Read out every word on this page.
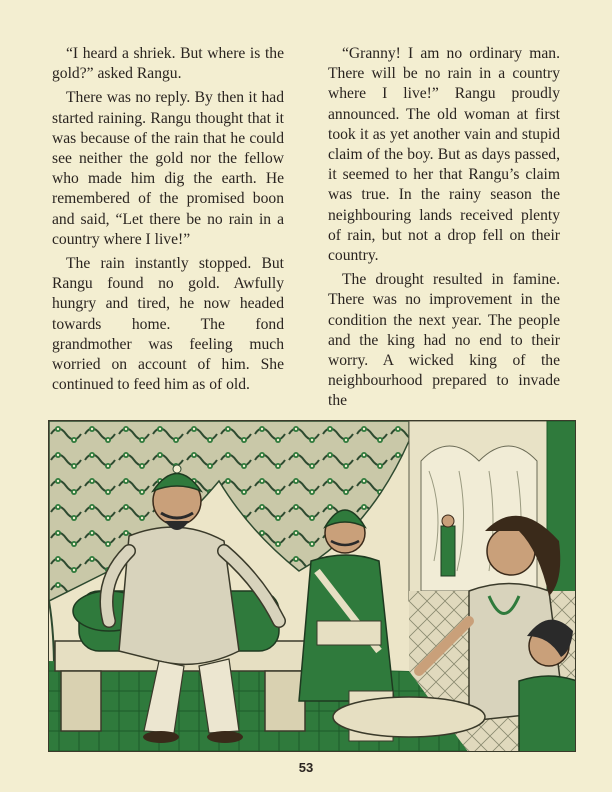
“I heard a shriek. But where is the gold?” asked Rangu.

There was no reply. By then it had started raining. Rangu thought that it was because of the rain that he could see neither the gold nor the fellow who made him dig the earth. He remembered of the promised boon and said, “Let there be no rain in a country where I live!”

The rain instantly stopped. But Rangu found no gold. Awfully hungry and tired, he now headed towards home. The fond grandmother was feeling much worried on account of him. She continued to feed him as of old.

“Granny! I am no ordinary man. There will be no rain in a country where I live!” Rangu proudly announced. The old woman at first took it as yet another vain and stupid claim of the boy. But as days passed, it seemed to her that Rangu’s claim was true. In the rainy season the neighbouring lands received plenty of rain, but not a drop fell on their country.

The drought resulted in famine. There was no improvement in the condition the next year. The people and the king had no end to their worry. A wicked king of the neighbourhood prepared to invade the

53
